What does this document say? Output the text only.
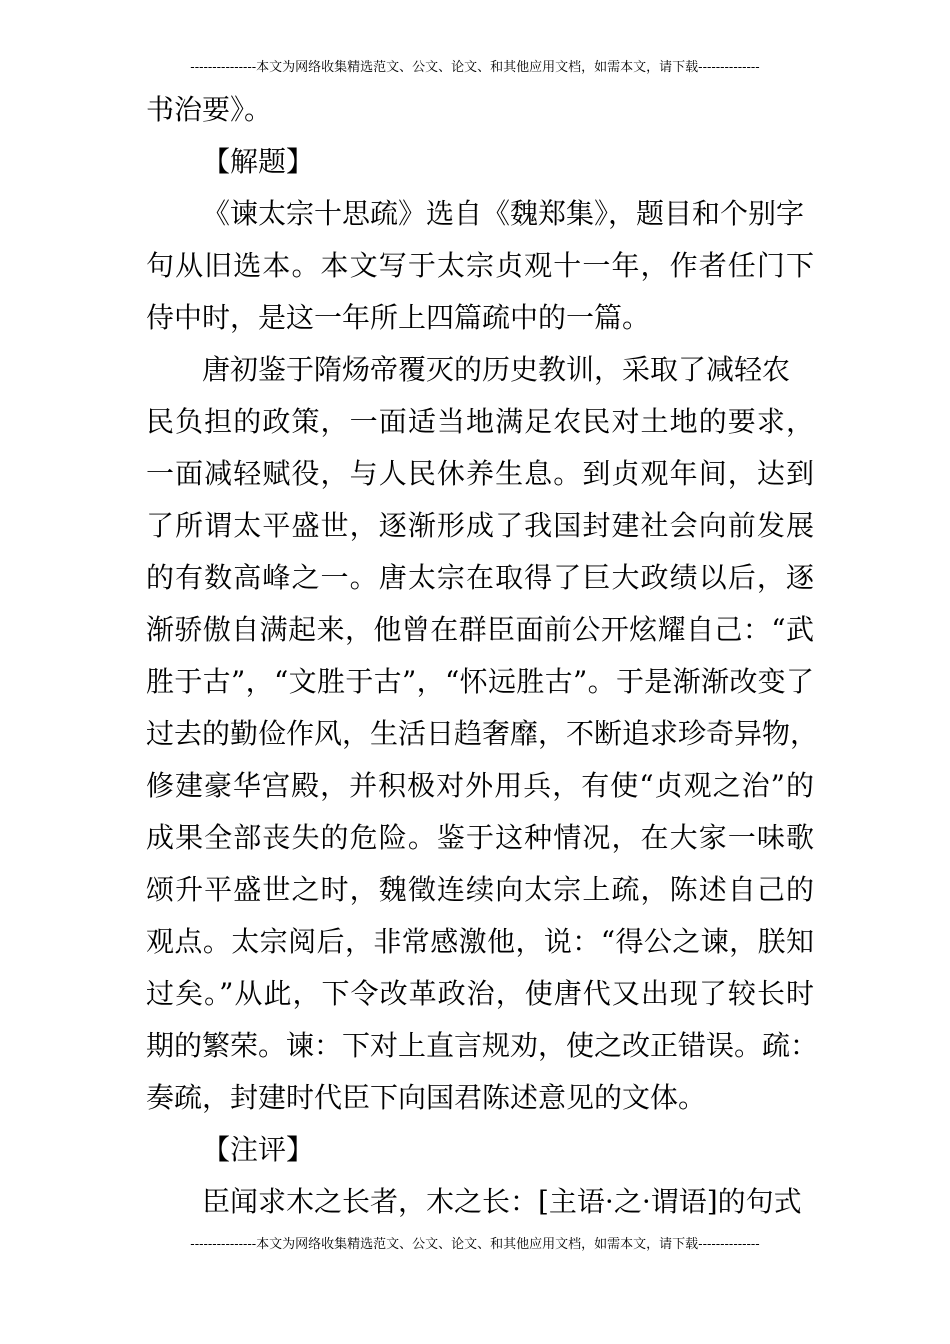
---------------本文为网络收集精选范文、公文、论文、和其他应用文档，如需本文，请下载--------------
书治要》。
【解题】
《谏太宗十思疏》选自《魏郑集》，题目和个别字
句从旧选本。本文写于太宗贞观十一年，作者任门下
侍中时，是这一年所上四篇疏中的一篇。
唐初鉴于隋炀帝覆灭的历史教训，采取了减轻农
民负担的政策，一面适当地满足农民对土地的要求，
一面减轻赋役，与人民休养生息。到贞观年间，达到
了所谓太平盛世，逐渐形成了我国封建社会向前发展
的有数高峰之一。唐太宗在取得了巨大政绩以后，逐
渐骄傲自满起来，他曾在群臣面前公开炫耀自己：“武
胜于古”，“文胜于古”，“怀远胜古”。于是渐渐改变了
过去的勤俭作风，生活日趋奢靡，不断追求珍奇异物，
修建豪华宫殿，并积极对外用兵，有使“贞观之治”的
成果全部丧失的危险。鉴于这种情况，在大家一味歌
颂升平盛世之时，魏徵连续向太宗上疏，陈述自己的
观点。太宗阅后，非常感激他，说：“得公之谏，朕知
过矣。”从此，下令改革政治，使唐代又出现了较长时
期的繁荣。谏：下对上直言规劝，使之改正错误。疏：
奏疏，封建时代臣下向国君陈述意见的文体。
【注评】
臣闻求木之长者，木之长：[主语·之·谓语]的句式
---------------本文为网络收集精选范文、公文、论文、和其他应用文档，如需本文，请下载--------------
